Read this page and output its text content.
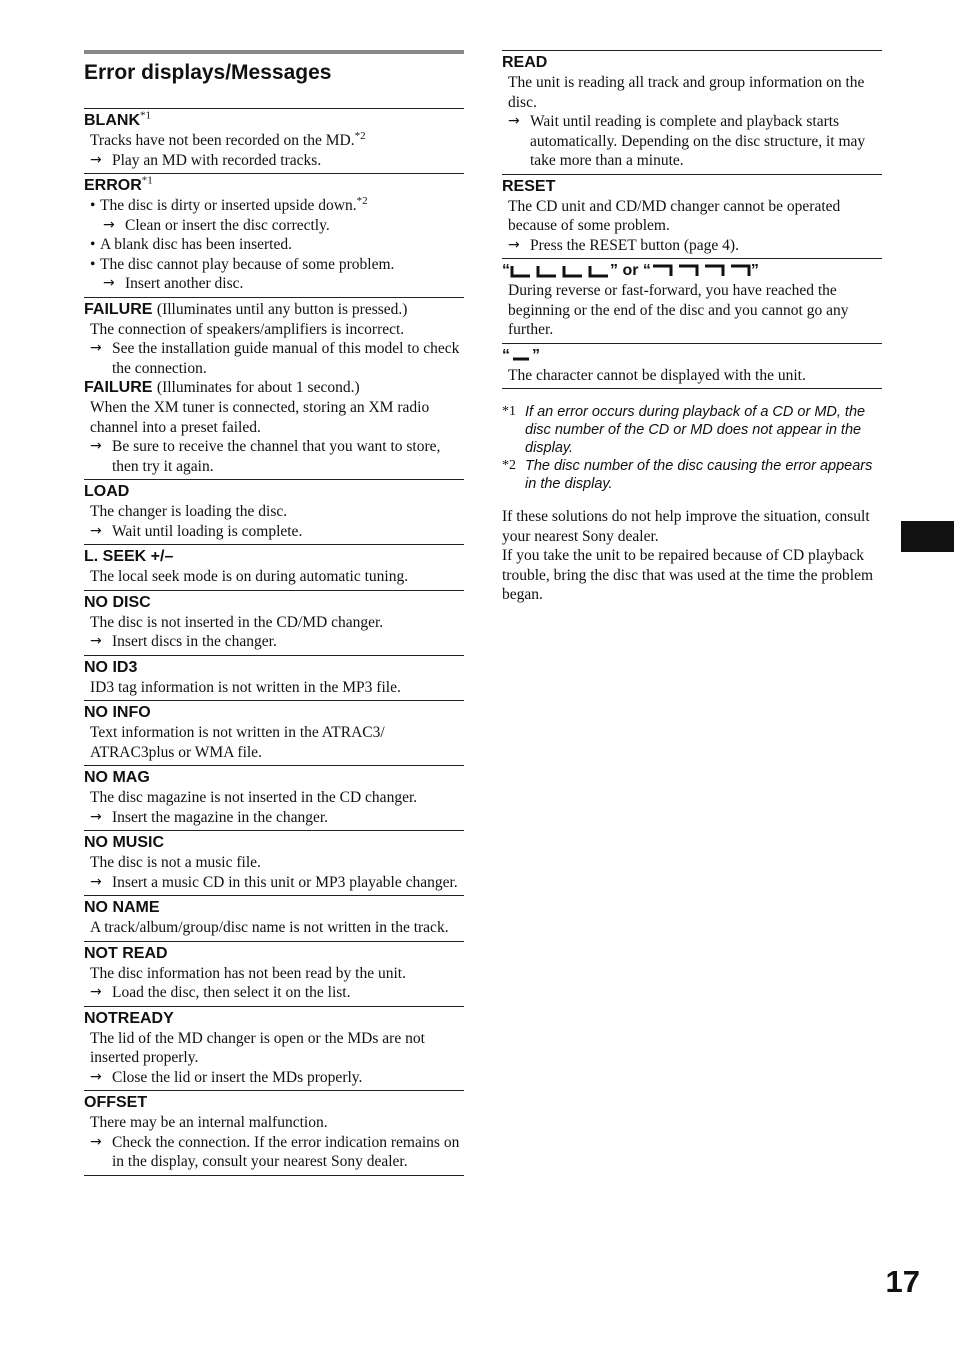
Error displays/Messages
BLANK$^{*1}$
Tracks have not been recorded on the MD.$^{*2}$
→ Play an MD with recorded tracks.
ERROR$^{*1}$
• The disc is dirty or inserted upside down.$^{*2}$
→ Clean or insert the disc correctly.
• A blank disc has been inserted.
• The disc cannot play because of some problem.
→ Insert another disc.
FAILURE (Illuminates until any button is pressed.)
The connection of speakers/amplifiers is incorrect.
→ See the installation guide manual of this model to check the connection.
FAILURE (Illuminates for about 1 second.)
When the XM tuner is connected, storing an XM radio channel into a preset failed.
→ Be sure to receive the channel that you want to store, then try it again.
LOAD
The changer is loading the disc.
→ Wait until loading is complete.
L. SEEK +/–
The local seek mode is on during automatic tuning.
NO DISC
The disc is not inserted in the CD/MD changer.
→ Insert discs in the changer.
NO ID3
ID3 tag information is not written in the MP3 file.
NO INFO
Text information is not written in the ATRAC3/ ATRAC3plus or WMA file.
NO MAG
The disc magazine is not inserted in the CD changer.
→ Insert the magazine in the changer.
NO MUSIC
The disc is not a music file.
→ Insert a music CD in this unit or MP3 playable changer.
NO NAME
A track/album/group/disc name is not written in the track.
NOT READ
The disc information has not been read by the unit.
→ Load the disc, then select it on the list.
NOTREADY
The lid of the MD changer is open or the MDs are not inserted properly.
→ Close the lid or insert the MDs properly.
OFFSET
There may be an internal malfunction.
→ Check the connection. If the error indication remains on in the display, consult your nearest Sony dealer.
READ
The unit is reading all track and group information on the disc.
→ Wait until reading is complete and playback starts automatically. Depending on the disc structure, it may take more than a minute.
RESET
The CD unit and CD/MD changer cannot be operated because of some problem.
→ Press the RESET button (page 4).
“	” or “	”
During reverse or fast-forward, you have reached the beginning or the end of the disc and you cannot go any further.
“ ”
The character cannot be displayed with the unit.
*1 If an error occurs during playback of a CD or MD, the disc number of the CD or MD does not appear in the display.
*2 The disc number of the disc causing the error appears in the display.

If these solutions do not help improve the situation, consult your nearest Sony dealer.

If you take the unit to be repaired because of CD playback trouble, bring the disc that was used at the time the problem began.

17
